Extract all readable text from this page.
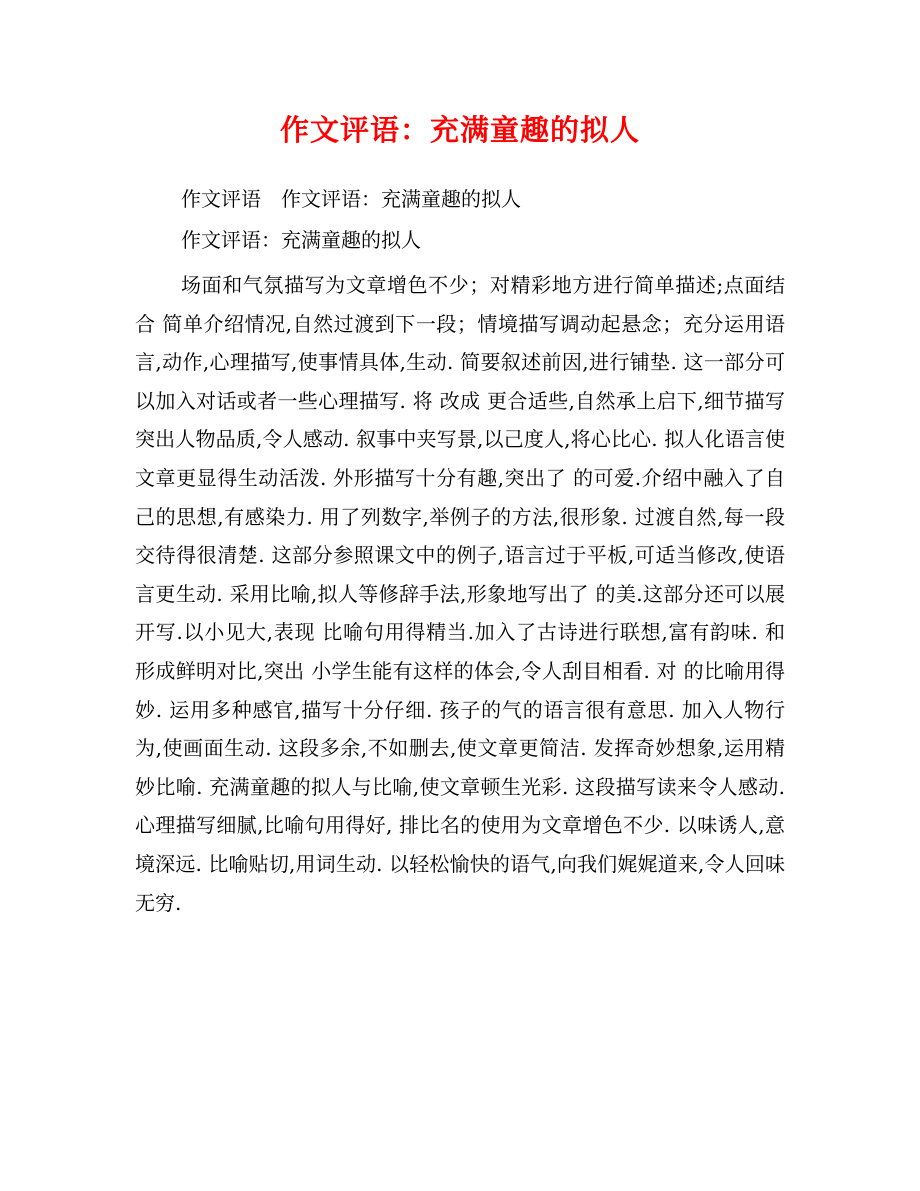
作文评语：充满童趣的拟人
作文评语　作文评语：充满童趣的拟人
作文评语：充满童趣的拟人
场面和气氛描写为文章增色不少；对精彩地方进行简单描述;点面结合 简单介绍情况,自然过渡到下一段；情境描写调动起悬念；充分运用语言,动作,心理描写,使事情具体,生动. 简要叙述前因,进行铺垫. 这一部分可以加入对话或者一些心理描写. 将 改成 更合适些,自然承上启下,细节描写突出人物品质,令人感动. 叙事中夹写景,以己度人,将心比心. 拟人化语言使文章更显得生动活泼. 外形描写十分有趣,突出了 的可爱.介绍中融入了自己的思想,有感染力. 用了列数字,举例子的方法,很形象. 过渡自然,每一段交待得很清楚. 这部分参照课文中的例子,语言过于平板,可适当修改,使语言更生动. 采用比喻,拟人等修辞手法,形象地写出了 的美.这部分还可以展开写.以小见大,表现 比喻句用得精当.加入了古诗进行联想,富有韵味. 和 形成鲜明对比,突出 小学生能有这样的体会,令人刮目相看. 对 的比喻用得妙. 运用多种感官,描写十分仔细. 孩子的气的语言很有意思. 加入人物行为,使画面生动. 这段多余,不如删去,使文章更简洁. 发挥奇妙想象,运用精妙比喻. 充满童趣的拟人与比喻,使文章顿生光彩. 这段描写读来令人感动. 心理描写细腻,比喻句用得好, 排比名的使用为文章增色不少. 以味诱人,意境深远. 比喻贴切,用词生动. 以轻松愉快的语气,向我们娓娓道来,令人回味无穷.
